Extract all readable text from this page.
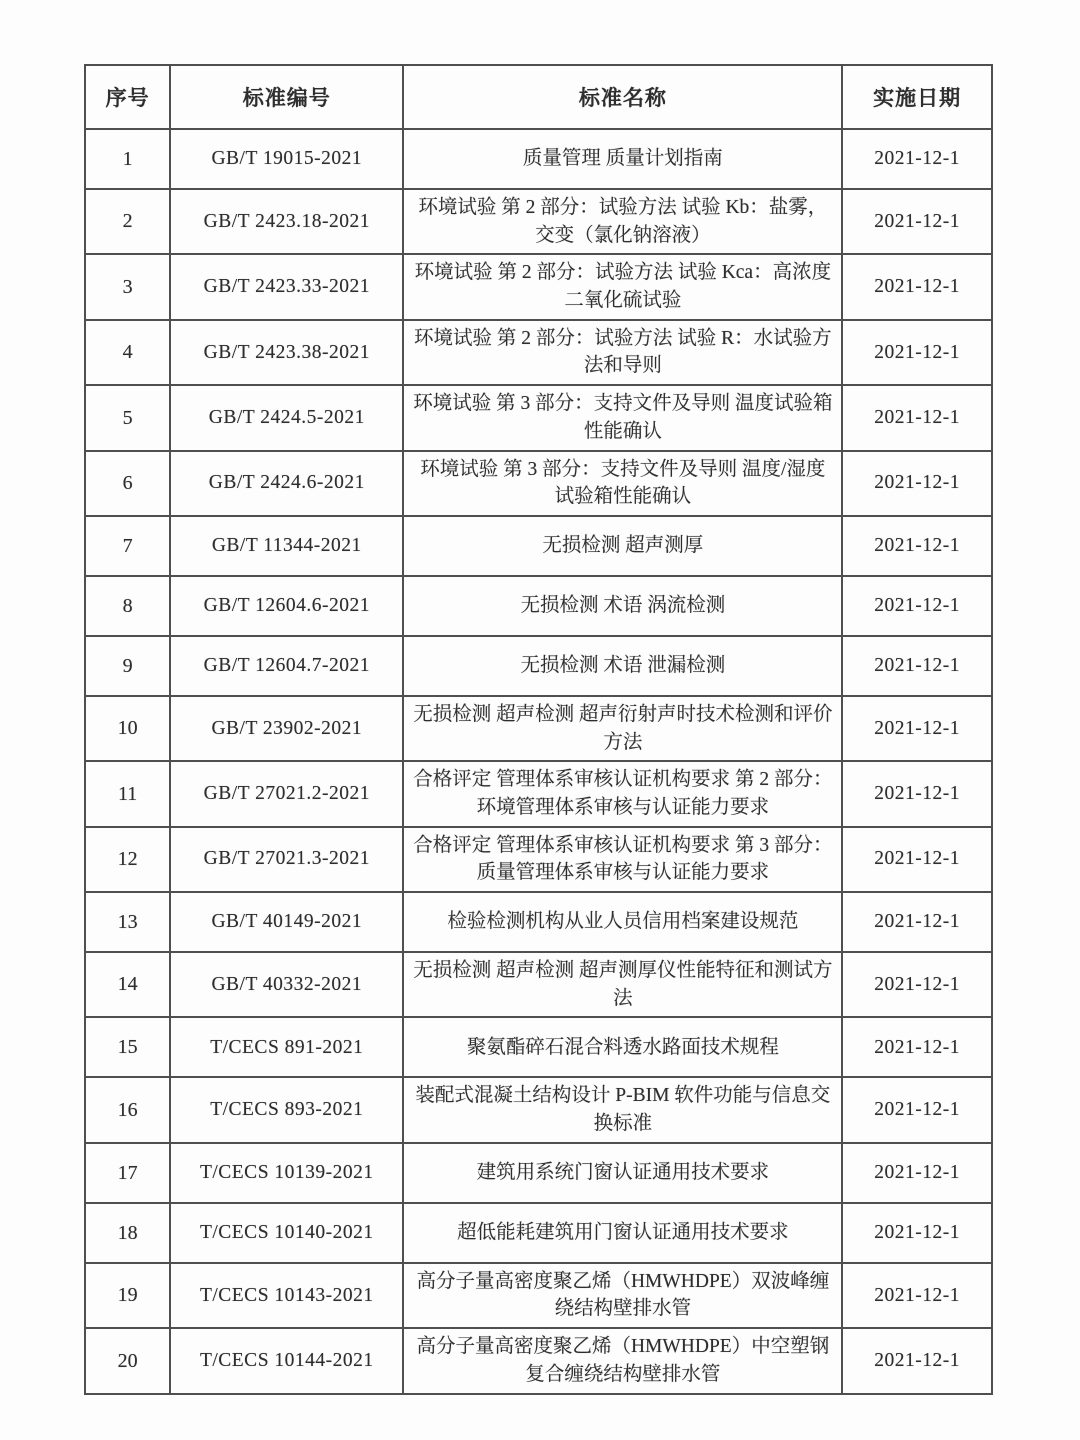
序号	标准编号	标准名称	实施日期
1	GB/T 19015-2021	质量管理 质量计划指南	2021-12-1
2	GB/T 2423.18-2021	环境试验 第 2 部分：试验方法 试验 Kb：盐雾，交变（氯化钠溶液）	2021-12-1
3	GB/T 2423.33-2021	环境试验 第 2 部分：试验方法 试验 Kca：高浓度二氧化硫试验	2021-12-1
4	GB/T 2423.38-2021	环境试验 第 2 部分：试验方法 试验 R：水试验方法和导则	2021-12-1
5	GB/T 2424.5-2021	环境试验 第 3 部分：支持文件及导则 温度试验箱性能确认	2021-12-1
6	GB/T 2424.6-2021	环境试验 第 3 部分：支持文件及导则 温度/湿度试验箱性能确认	2021-12-1
7	GB/T 11344-2021	无损检测 超声测厚	2021-12-1
8	GB/T 12604.6-2021	无损检测 术语 涡流检测	2021-12-1
9	GB/T 12604.7-2021	无损检测 术语 泄漏检测	2021-12-1
10	GB/T 23902-2021	无损检测 超声检测 超声衍射声时技术检测和评价方法	2021-12-1
11	GB/T 27021.2-2021	合格评定 管理体系审核认证机构要求 第 2 部分：环境管理体系审核与认证能力要求	2021-12-1
12	GB/T 27021.3-2021	合格评定 管理体系审核认证机构要求 第 3 部分：质量管理体系审核与认证能力要求	2021-12-1
13	GB/T 40149-2021	检验检测机构从业人员信用档案建设规范	2021-12-1
14	GB/T 40332-2021	无损检测 超声检测 超声测厚仪性能特征和测试方法	2021-12-1
15	T/CECS 891-2021	聚氨酯碎石混合料透水路面技术规程	2021-12-1
16	T/CECS 893-2021	装配式混凝土结构设计 P-BIM 软件功能与信息交换标准	2021-12-1
17	T/CECS 10139-2021	建筑用系统门窗认证通用技术要求	2021-12-1
18	T/CECS 10140-2021	超低能耗建筑用门窗认证通用技术要求	2021-12-1
19	T/CECS 10143-2021	高分子量高密度聚乙烯（HMWHDPE）双波峰缠绕结构壁排水管	2021-12-1
20	T/CECS 10144-2021	高分子量高密度聚乙烯（HMWHDPE）中空塑钢复合缠绕结构壁排水管	2021-12-1
